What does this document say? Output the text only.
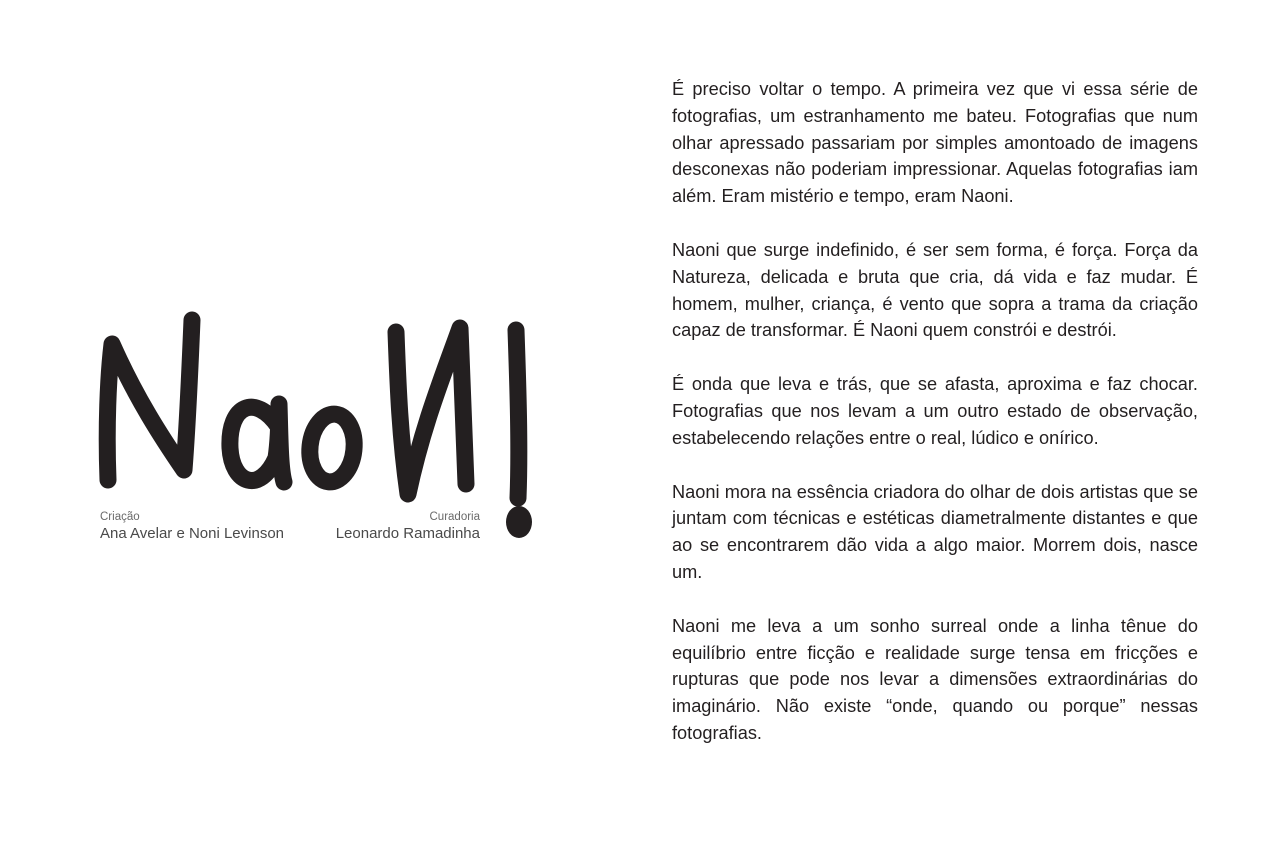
Criação
Ana Avelar e Noni Levinson
Curadoria
Leonardo Ramadinha

É preciso voltar o tempo. A primeira vez que vi essa série de fotografias, um estranhamento me bateu. Fotografias que num olhar apressado passariam por simples amontoado de imagens desconexas não poderiam impressionar. Aquelas fotografias iam além. Eram mistério e tempo, eram Naoni.

Naoni que surge indefinido, é ser sem forma, é força. Força da Natureza, delicada e bruta que cria, dá vida e faz mudar. É homem, mulher, criança, é vento que sopra a trama da criação capaz de transformar. É Naoni quem constrói e destrói.

É onda que leva e trás, que se afasta, aproxima e faz chocar. Fotografias que nos levam a um outro estado de observação, estabelecendo relações entre o real, lúdico e onírico.

Naoni mora na essência criadora do olhar de dois artistas que se juntam com técnicas e estéticas diametralmente distantes e que ao se encontrarem dão vida a algo maior. Morrem dois, nasce um.

Naoni me leva a um sonho surreal onde a linha tênue do equilíbrio entre ficção e realidade surge tensa em fricções e rupturas que pode nos levar a dimensões extraordinárias do imaginário. Não existe “onde, quando ou porque” nessas fotografias.
